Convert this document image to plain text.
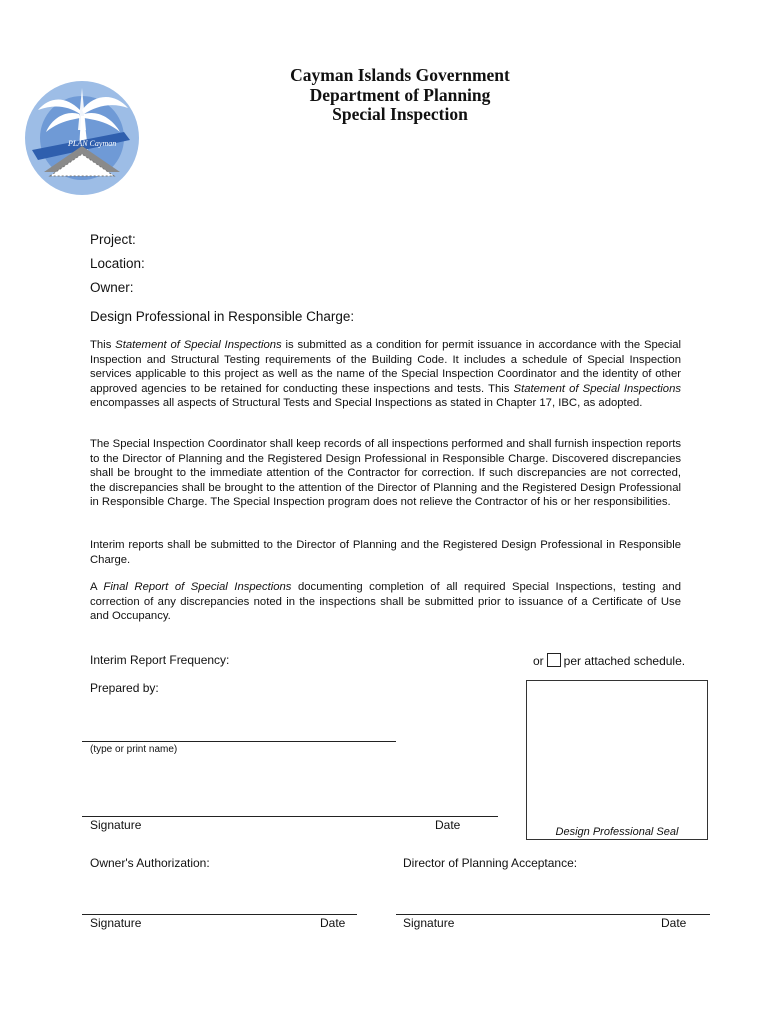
PLAN Cayman
Cayman Islands Government
Department of Planning
Special Inspection
Project:
Location:
Owner:
Design Professional in Responsible Charge:

This Statement of Special Inspections is submitted as a condition for permit issuance in accordance with the Special Inspection and Structural Testing requirements of the Building Code. It includes a schedule of Special Inspection services applicable to this project as well as the name of the Special Inspection Coordinator and the identity of other approved agencies to be retained for conducting these inspections and tests. This Statement of Special Inspections encompasses all aspects of Structural Tests and Special Inspections as stated in Chapter 17, IBC, as adopted.

The Special Inspection Coordinator shall keep records of all inspections performed and shall furnish inspection reports to the Director of Planning and the Registered Design Professional in Responsible Charge. Discovered discrepancies shall be brought to the immediate attention of the Contractor for correction. If such discrepancies are not corrected, the discrepancies shall be brought to the attention of the Director of Planning and the Registered Design Professional in Responsible Charge. The Special Inspection program does not relieve the Contractor of his or her responsibilities.

Interim reports shall be submitted to the Director of Planning and the Registered Design Professional in Responsible Charge.

A Final Report of Special Inspections documenting completion of all required Special Inspections, testing and correction of any discrepancies noted in the inspections shall be submitted prior to issuance of a Certificate of Use and Occupancy.

Interim Report Frequency:	or per attached schedule.
Prepared by:
(type or print name)
Signature	Date	Design Professional Seal
Owner's Authorization:	Director of Planning Acceptance:
Signature	Date	Signature	Date
